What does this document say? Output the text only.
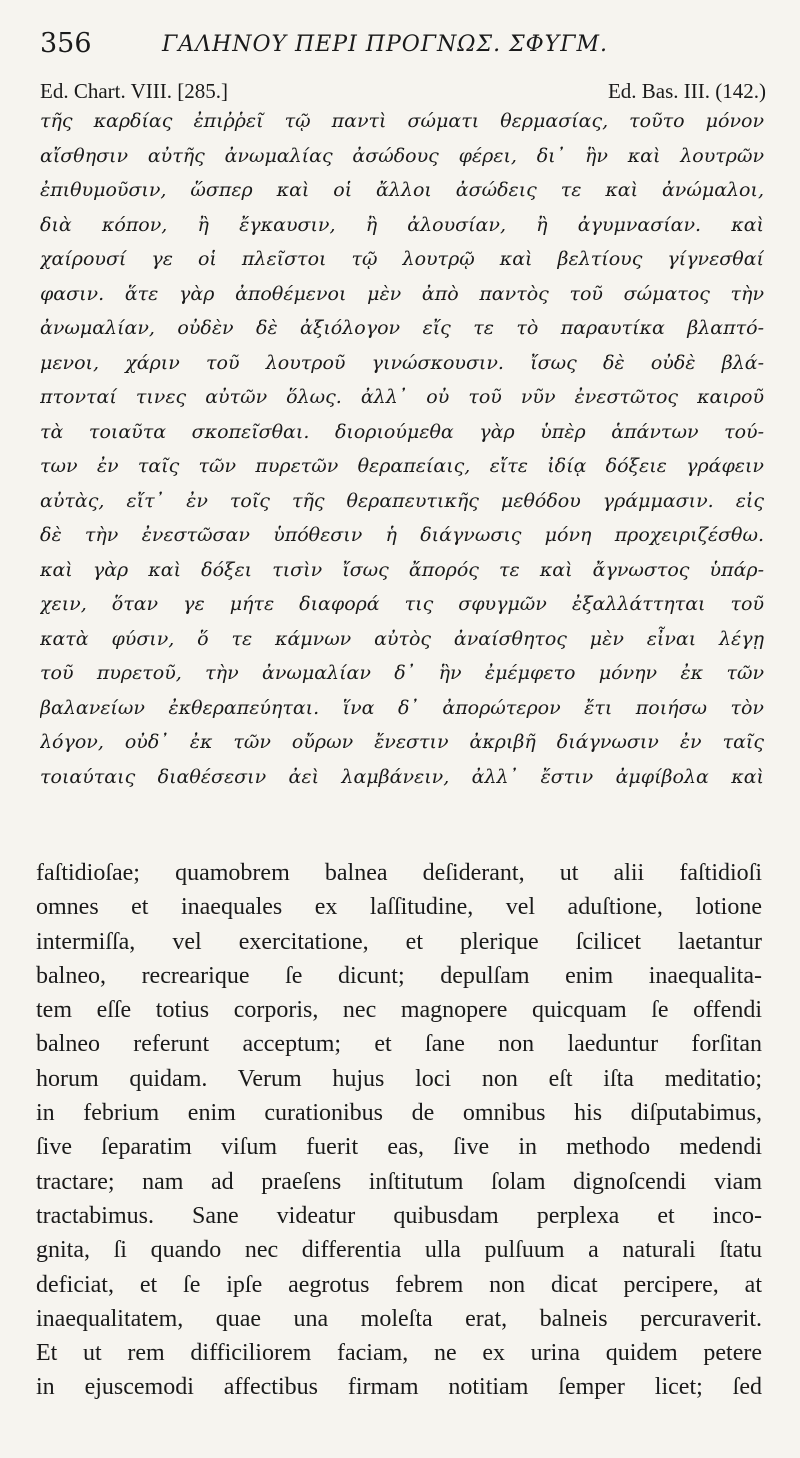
356	ΓΑΛΗΝΟΥ ΠΕΡΙ ΠΡΟΓΝΩΣ. ΣΦΥΓΜ.
Ed. Chart. VIII. [285.]	Ed. Bas. III. (142.)
τῆς καρδίας ἐπιῤῥεῖ τῷ παντὶ σώματι θερμασίας, τοῦτο μόνον
αἴσθησιν αὐτῆς ἀνωμαλίας ἀσώδους φέρει, δι᾽ ἣν καὶ λουτρῶν
ἐπιθυμοῦσιν, ὥσπερ καὶ οἱ ἄλλοι ἀσώδεις τε καὶ ἀνώμαλοι,
διὰ κόπον, ἢ ἔγκαυσιν, ἢ ἀλουσίαν, ἢ ἀγυμνασίαν. καὶ
χαίρουσί γε οἱ πλεῖστοι τῷ λουτρῷ καὶ βελτίους γίγνεσθαί
φασιν. ἅτε γὰρ ἀποθέμενοι μὲν ἀπὸ παντὸς τοῦ σώματος τὴν
ἀνωμαλίαν, οὐδὲν δὲ ἀξιόλογον εἴς τε τὸ παραυτίκα βλαπτό-
μενοι, χάριν τοῦ λουτροῦ γινώσκουσιν. ἴσως δὲ οὐδὲ βλά-
πτονταί τινες αὐτῶν ὅλως. ἀλλ᾽ οὐ τοῦ νῦν ἐνεστῶτος καιροῦ
τὰ τοιαῦτα σκοπεῖσθαι. διοριούμεθα γὰρ ὑπὲρ ἁπάντων τού-
των ἐν ταῖς τῶν πυρετῶν θεραπείαις, εἴτε ἰδίᾳ δόξειε γράφειν
αὐτὰς, εἴτ᾽ ἐν τοῖς τῆς θεραπευτικῆς μεθόδου γράμμασιν. εἰς
δὲ τὴν ἐνεστῶσαν ὑπόθεσιν ἡ διάγνωσις μόνη προχειριζέσθω.
καὶ γὰρ καὶ δόξει τισὶν ἴσως ἄπορός τε καὶ ἄγνωστος ὑπάρ-
χειν, ὅταν γε μήτε διαφορά τις σφυγμῶν ἐξαλλάττηται τοῦ
κατὰ φύσιν, ὅ τε κάμνων αὐτὸς ἀναίσθητος μὲν εἶναι λέγῃ
τοῦ πυρετοῦ, τὴν ἀνωμαλίαν δ᾽ ἣν ἐμέμφετο μόνην ἐκ τῶν
βαλανείων ἐκθεραπεύηται. ἵνα δ᾽ ἀπορώτερον ἔτι ποιήσω τὸν
λόγον, οὐδ᾽ ἐκ τῶν οὔρων ἔνεστιν ἀκριβῆ διάγνωσιν ἐν ταῖς
τοιαύταις διαθέσεσιν ἀεὶ λαμβάνειν, ἀλλ᾽ ἔστιν ἀμφίβολα καὶ
faſtidioſae; quamobrem balnea deſiderant, ut alii faſtidioſi
omnes et inaequales ex laſſitudine, vel aduſtione, lotione
intermiſſa, vel exercitatione, et plerique ſcilicet laetantur
balneo, recrearique ſe dicunt; depulſam enim inaequalita-
tem eſſe totius corporis, nec magnopere quicquam ſe offendi
balneo referunt acceptum; et ſane non laeduntur forſitan
horum quidam. Verum hujus loci non eſt iſta meditatio;
in febrium enim curationibus de omnibus his diſputabimus,
ſive ſeparatim viſum fuerit eas, ſive in methodo medendi
tractare; nam ad praeſens inſtitutum ſolam dignoſcendi viam
tractabimus. Sane videatur quibusdam perplexa et inco-
gnita, ſi quando nec differentia ulla pulſuum a naturali ſtatu
deficiat, et ſe ipſe aegrotus febrem non dicat percipere, at
inaequalitatem, quae una moleſta erat, balneis percuraverit.
Et ut rem difficiliorem faciam, ne ex urina quidem petere
in ejuscemodi affectibus firmam notitiam ſemper licet; ſed
